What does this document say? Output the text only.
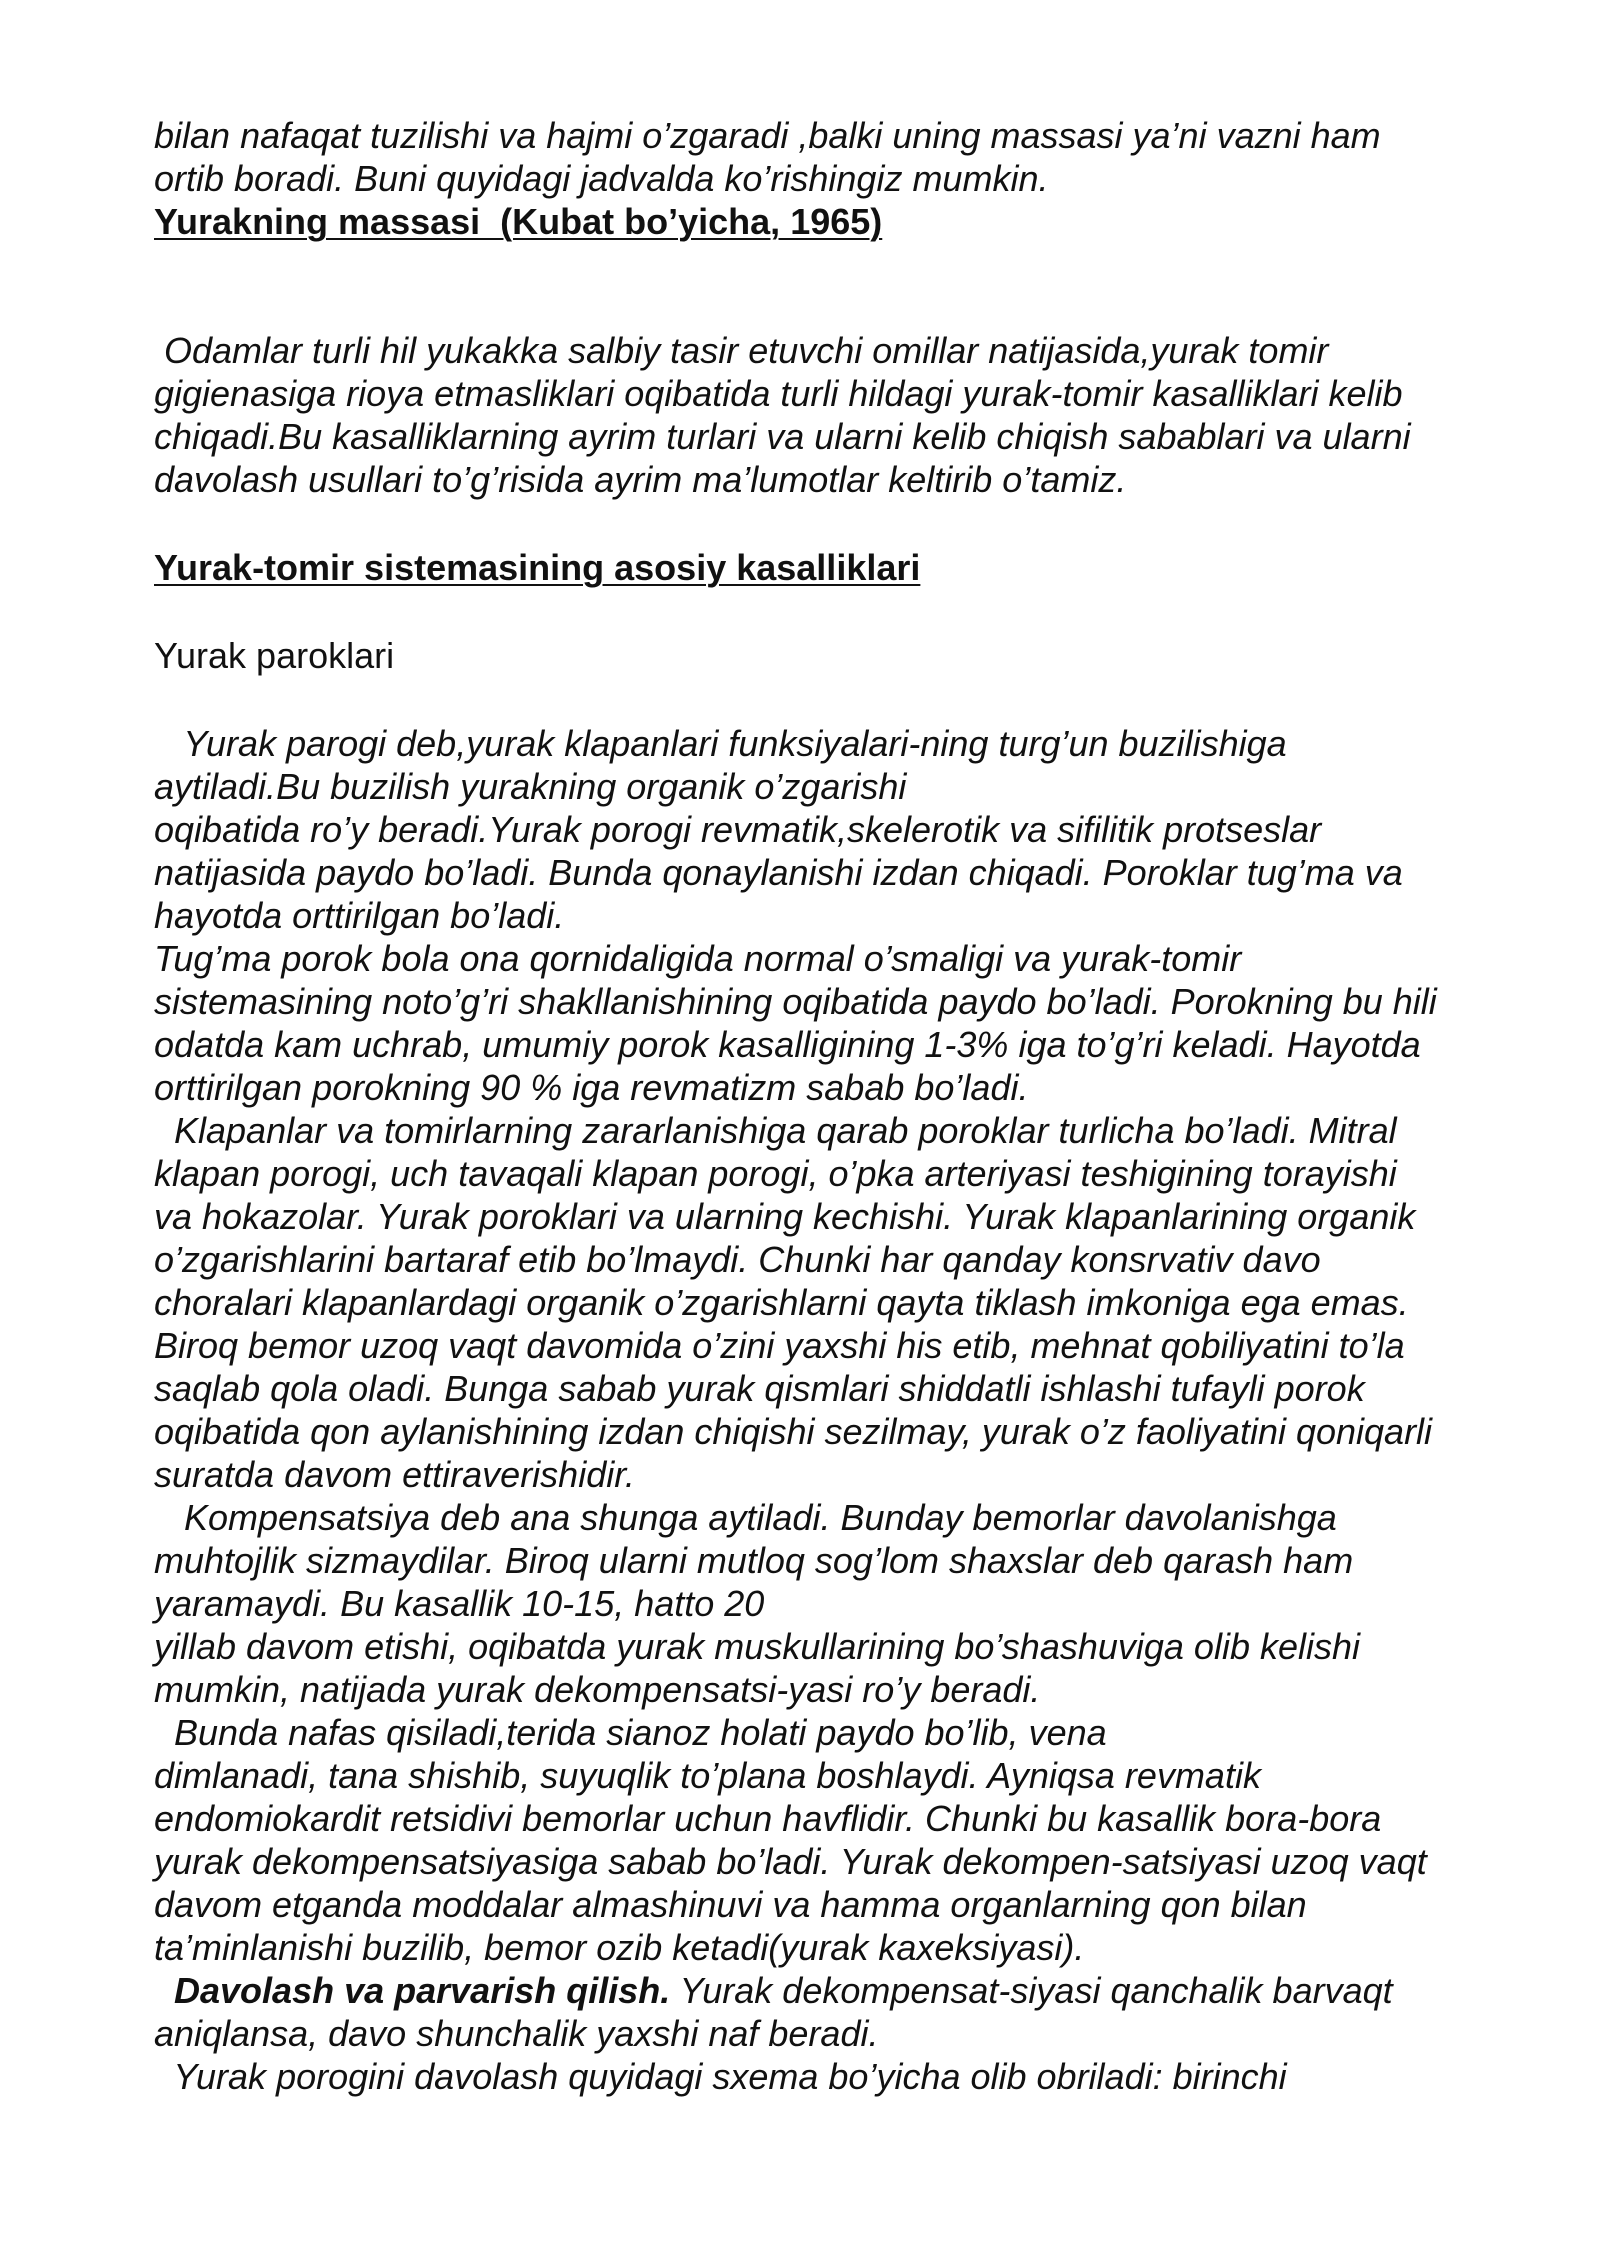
bilan nafaqat tuzilishi va hajmi o’zgaradi ,balki uning massasi ya’ni vazni ham
ortib boradi. Buni quyidagi jadvalda ko’rishingiz mumkin.
Yurakning massasi  (Kubat bo’yicha, 1965)
Odamlar turli hil yukakka salbiy tasir etuvchi omillar natijasida,yurak tomir
gigienasiga rioya etmasliklari oqibatida turli hildagi yurak-tomir kasalliklari kelib
chiqadi.Bu kasalliklarning ayrim turlari va ularni kelib chiqish sabablari va ularni
davolash usullari to’g’risida ayrim ma’lumotlar keltirib o’tamiz.
Yurak-tomir sistemasining asosiy kasalliklari
Yurak paroklari
Yurak parogi deb,yurak klapanlari funksiyalari-ning turg’un buzilishiga
aytiladi.Bu buzilish yurakning organik o’zgarishi
oqibatida ro’y beradi.Yurak porogi revmatik,skelerotik va sifilitik protseslar
natijasida paydo bo’ladi. Bunda qonaylanishi izdan chiqadi. Poroklar tug’ma va
hayotda orttirilgan bo’ladi.
Tug’ma porok bola ona qornidaligida normal o’smaligi va yurak-tomir
sistemasining noto’g’ri shakllanishining oqibatida paydo bo’ladi. Porokning bu hili
odatda kam uchrab, umumiy porok kasalligining 1-3% iga to’g’ri keladi. Hayotda
orttirilgan porokning 90 % iga revmatizm sabab bo’ladi.
Klapanlar va tomirlarning zararlanishiga qarab poroklar turlicha bo’ladi. Mitral
klapan porogi, uch tavaqali klapan porogi, o’pka arteriyasi teshigining torayishi
va hokazolar. Yurak poroklari va ularning kechishi. Yurak klapanlarining organik
o’zgarishlarini bartaraf etib bo’lmaydi. Chunki har qanday konsrvativ davo
choralari klapanlardagi organik o’zgarishlarni qayta tiklash imkoniga ega emas.
Biroq bemor uzoq vaqt davomida o’zini yaxshi his etib, mehnat qobiliyatini to’la
saqlab qola oladi. Bunga sabab yurak qismlari shiddatli ishlashi tufayli porok
oqibatida qon aylanishining izdan chiqishi sezilmay, yurak o’z faoliyatini qoniqarli
suratda davom ettiraverishidir.
Kompensatsiya deb ana shunga aytiladi. Bunday bemorlar davolanishga
muhtojlik sizmaydilar. Biroq ularni mutloq sog’lom shaxslar deb qarash ham
yaramaydi. Bu kasallik 10-15, hatto 20
yillab davom etishi, oqibatda yurak muskullarining bo’shashuviga olib kelishi
mumkin, natijada yurak dekompensatsi-yasi ro’y beradi.
Bunda nafas qisiladi,terida sianoz holati paydo bo’lib, vena
dimlanadi, tana shishib, suyuqlik to’plana boshlaydi. Ayniqsa revmatik
endomiokardit retsidivi bemorlar uchun havflidir. Chunki bu kasallik bora-bora
yurak dekompensatsiyasiga sabab bo’ladi. Yurak dekompen-satsiyasi uzoq vaqt
davom etganda moddalar almashinuvi va hamma organlarning qon bilan
ta’minlanishi buzilib, bemor ozib ketadi(yurak kaxeksiyasi).
Davolash va parvarish qilish. Yurak dekompensat-siyasi qanchalik barvaqt
aniqlansa, davo shunchalik yaxshi naf beradi.
Yurak porogini davolash quyidagi sxema bo’yicha olib obriladi: birinchi
